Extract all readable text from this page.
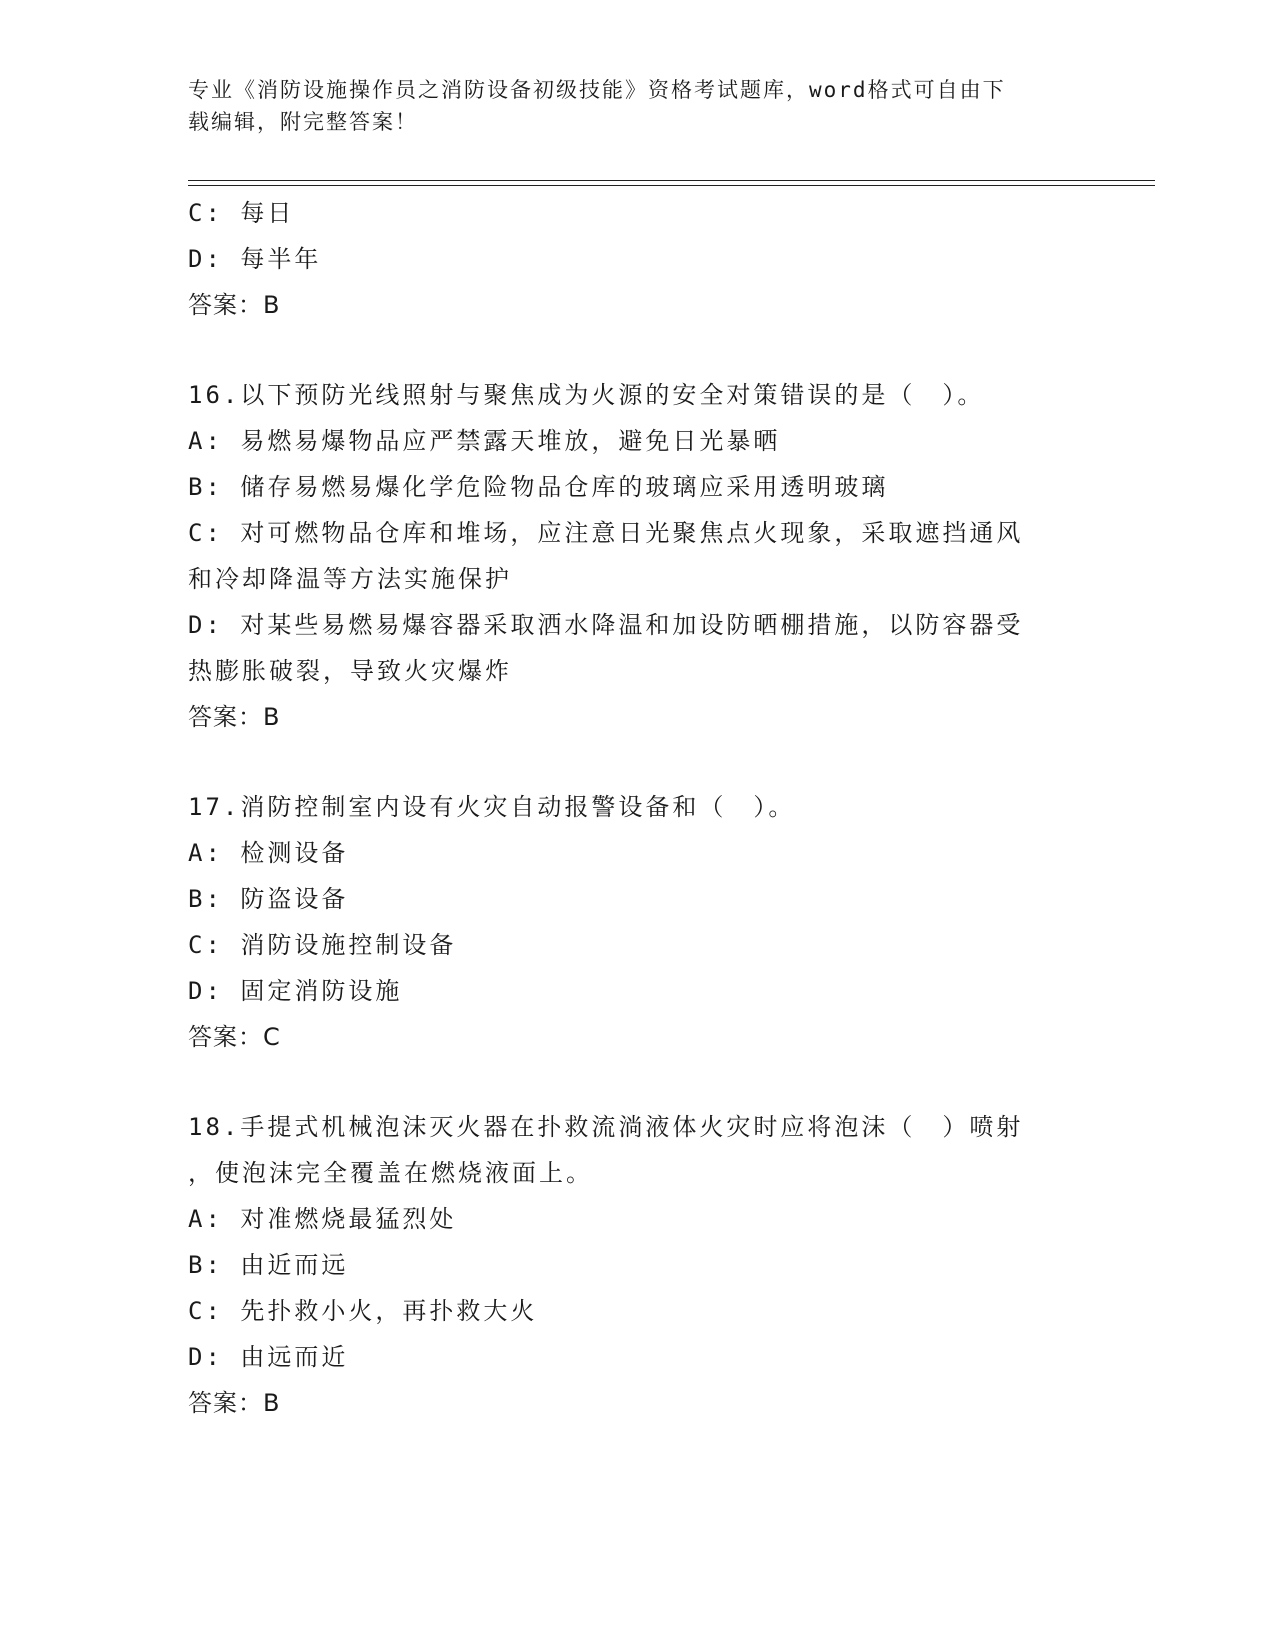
专业《消防设施操作员之消防设备初级技能》资格考试题库，word格式可自由下
载编辑，附完整答案！
C: 每日
D: 每半年
答案：B
16.以下预防光线照射与聚焦成为火源的安全对策错误的是（　）。
A: 易燃易爆物品应严禁露天堆放，避免日光暴晒
B: 储存易燃易爆化学危险物品仓库的玻璃应采用透明玻璃
C: 对可燃物品仓库和堆场，应注意日光聚焦点火现象，采取遮挡通风
和冷却降温等方法实施保护
D: 对某些易燃易爆容器采取洒水降温和加设防晒棚措施，以防容器受
热膨胀破裂，导致火灾爆炸
答案：B
17.消防控制室内设有火灾自动报警设备和（　）。
A: 检测设备
B: 防盗设备
C: 消防设施控制设备
D: 固定消防设施
答案：C
18.手提式机械泡沫灭火器在扑救流淌液体火灾时应将泡沫（　）喷射
，使泡沫完全覆盖在燃烧液面上。
A: 对准燃烧最猛烈处
B: 由近而远
C: 先扑救小火，再扑救大火
D: 由远而近
答案：B
